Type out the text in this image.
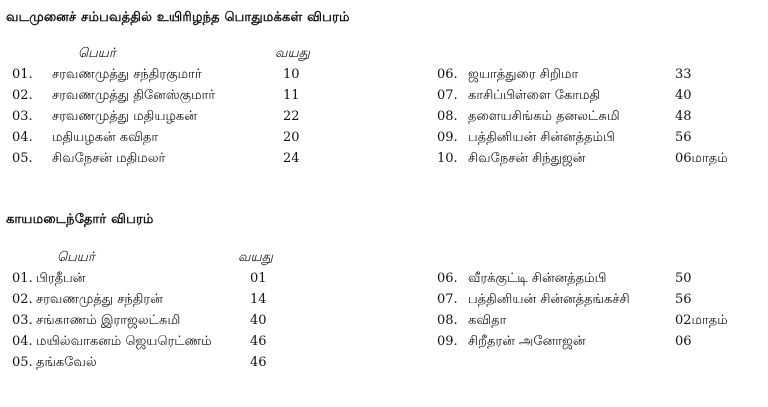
வடமுனைச் சம்பவத்தில் உயிரிழந்த பொதுமக்கள் விபரம்
பெயர்	வயது
01. சரவணமுத்து சந்திரகுமார்	10
02. சரவணமுத்து தினேஸ்குமார்	11
03. சரவணமுத்து மதியழகன்	22
04. மதியழகன் கவிதா	20
05. சிவநேசன் மதிமலர்	24
06. ஜயாத்துரை சிறிமா	33
07. காசிப்பிள்ளை கோமதி	40
08. தளையசிங்கம் தனலட்சுமி	48
09. பத்தினியன் சின்னத்தம்பி	56
10. சிவநேசன் சிந்துஜன்	06மாதம்
காயமடைந்தோர் விபரம்
பெயர்	வயது
01. பிரதீபன்	01
02. சரவணமுத்து சந்திரன்	14
03. சங்காணம் இராஜலட்சுமி	40
04. மயில்வாகனம் ஜெயரெட்ணம்	46
05. தங்கவேல்	46
06. வீரக்குட்டி சின்னத்தம்பி	50
07. பத்தினியன் சின்னத்தங்கச்சி	56
08. கவிதா	02மாதம்
09. சிறீதரன் அனோஜன்	06
